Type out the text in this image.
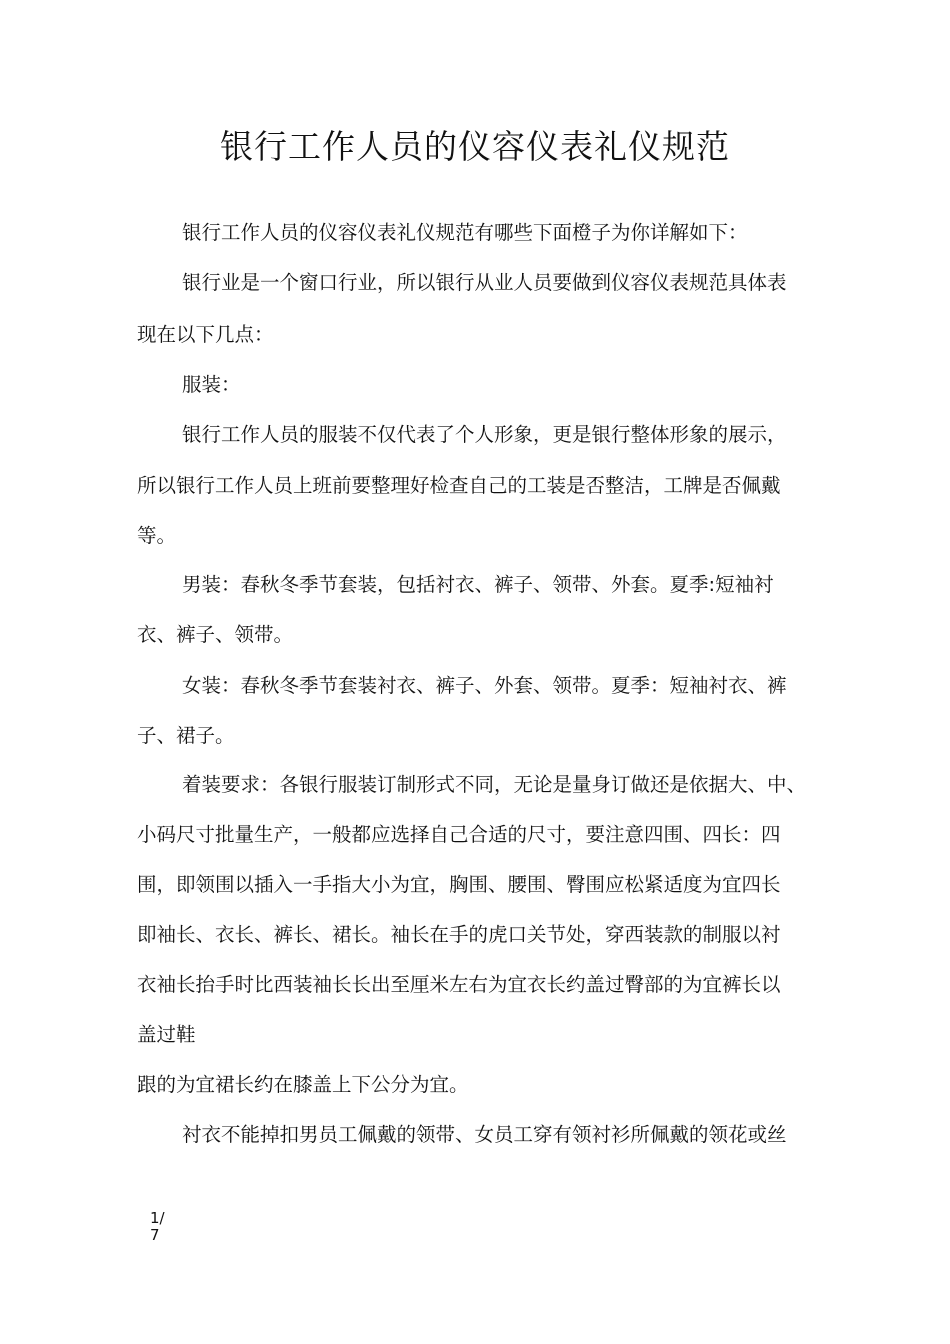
银行工作人员的仪容仪表礼仪规范

银行工作人员的仪容仪表礼仪规范有哪些下面橙子为你详解如下：

银行业是一个窗口行业，所以银行从业人员要做到仪容仪表规范具体表

现在以下几点：

服装：

银行工作人员的服装不仅代表了个人形象，更是银行整体形象的展示，

所以银行工作人员上班前要整理好检查自己的工装是否整洁，工牌是否佩戴

等。

男装：春秋冬季节套装，包括衬衣、裤子、领带、外套。夏季:短袖衬

衣、裤子、领带。

女装：春秋冬季节套装衬衣、裤子、外套、领带。夏季：短袖衬衣、裤

子、裙子。

着装要求：各银行服装订制形式不同，无论是量身订做还是依据大、中、

小码尺寸批量生产，一般都应选择自己合适的尺寸，要注意四围、四长：四

围，即领围以插入一手指大小为宜，胸围、腰围、臀围应松紧适度为宜四长

即袖长、衣长、裤长、裙长。袖长在手的虎口关节处，穿西装款的制服以衬

衣袖长抬手时比西装袖长长出至厘米左右为宜衣长约盖过臀部的为宜裤长以

盖过鞋

跟的为宜裙长约在膝盖上下公分为宜。

衬衣不能掉扣男员工佩戴的领带、女员工穿有领衬衫所佩戴的领花或丝

1/7
